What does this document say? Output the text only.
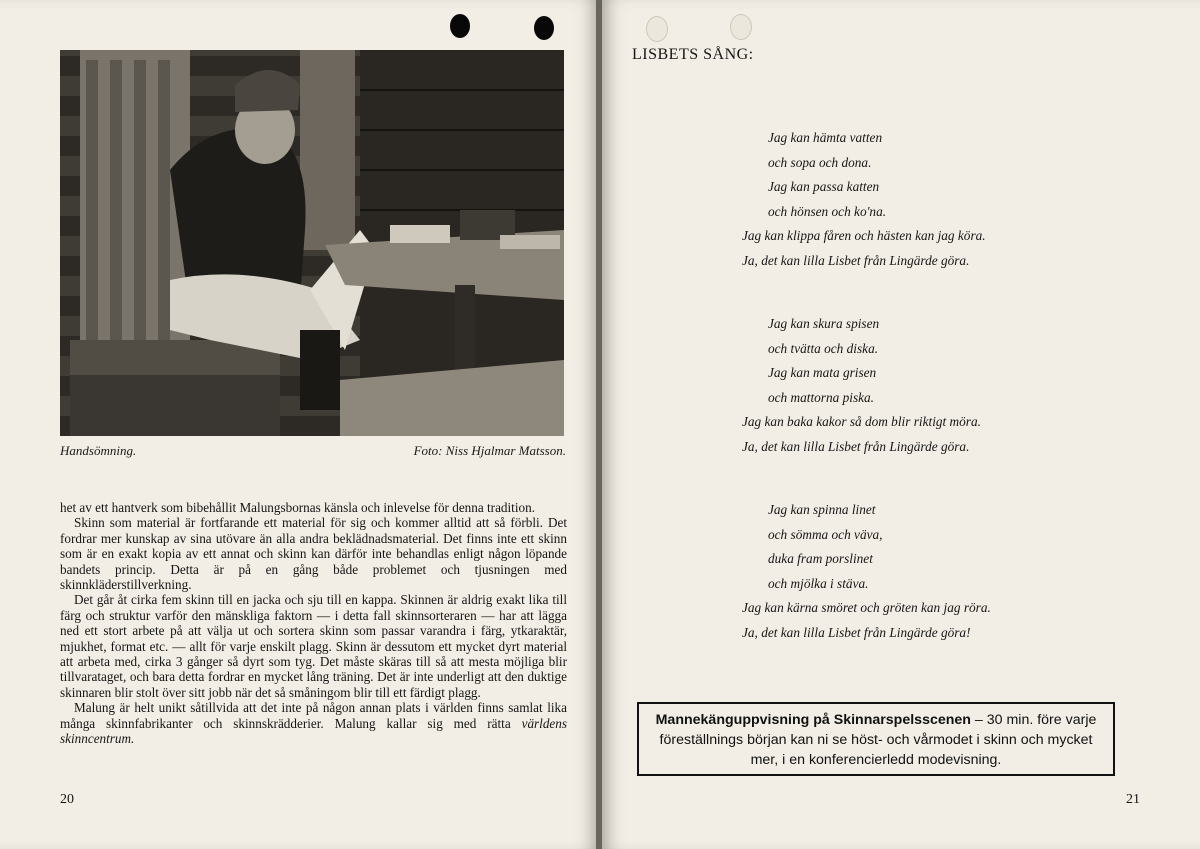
Handsömning.	Foto: Niss Hjalmar Matsson.

het av ett hantverk som bibehållit Malungsbornas känsla och inlevelse för denna tradition.

Skinn som material är fortfarande ett material för sig och kommer alltid att så förbli. Det fordrar mer kunskap av sina utövare än alla andra beklädnadsmaterial. Det finns inte ett skinn som är en exakt kopia av ett annat och skinn kan därför inte behandlas enligt någon löpande bandets princip. Detta är på en gång både problemet och tjusningen med skinnkläderstillverkning.

Det går åt cirka fem skinn till en jacka och sju till en kappa. Skinnen är aldrig exakt lika till färg och struktur varför den mänskliga faktorn — i detta fall skinnsorteraren — har att lägga ned ett stort arbete på att välja ut och sortera skinn som passar varandra i färg, ytkaraktär, mjukhet, format etc. — allt för varje enskilt plagg. Skinn är dessutom ett mycket dyrt material att arbeta med, cirka 3 gånger så dyrt som tyg. Det måste skäras till så att mesta möjliga blir tillvarataget, och bara detta fordrar en mycket lång träning. Det är inte underligt att den duktige skinnaren blir stolt över sitt jobb när det så småningom blir till ett färdigt plagg.

Malung är helt unikt såtillvida att det inte på någon annan plats i världen finns samlat lika många skinnfabrikanter och skinnskrädderier. Malung kallar sig med rätta världens skinncentrum.

20
LISBETS SÅNG:
Jag kan hämta vatten
och sopa och dona.
Jag kan passa katten
och hönsen och ko'na.
Jag kan klippa fåren och hästen kan jag köra.
Ja, det kan lilla Lisbet från Lingärde göra.
Jag kan skura spisen
och tvätta och diska.
Jag kan mata grisen
och mattorna piska.
Jag kan baka kakor så dom blir riktigt möra.
Ja, det kan lilla Lisbet från Lingärde göra.
Jag kan spinna linet
och sömma och väva,
duka fram porslinet
och mjölka i stäva.
Jag kan kärna smöret och gröten kan jag röra.
Ja, det kan lilla Lisbet från Lingärde göra!
Mannekänguppvisning på Skinnarspelsscenen – 30 min. före varje föreställnings början kan ni se höst- och vårmodet i skinn och mycket mer, i en konferencierledd modevisning.
21
